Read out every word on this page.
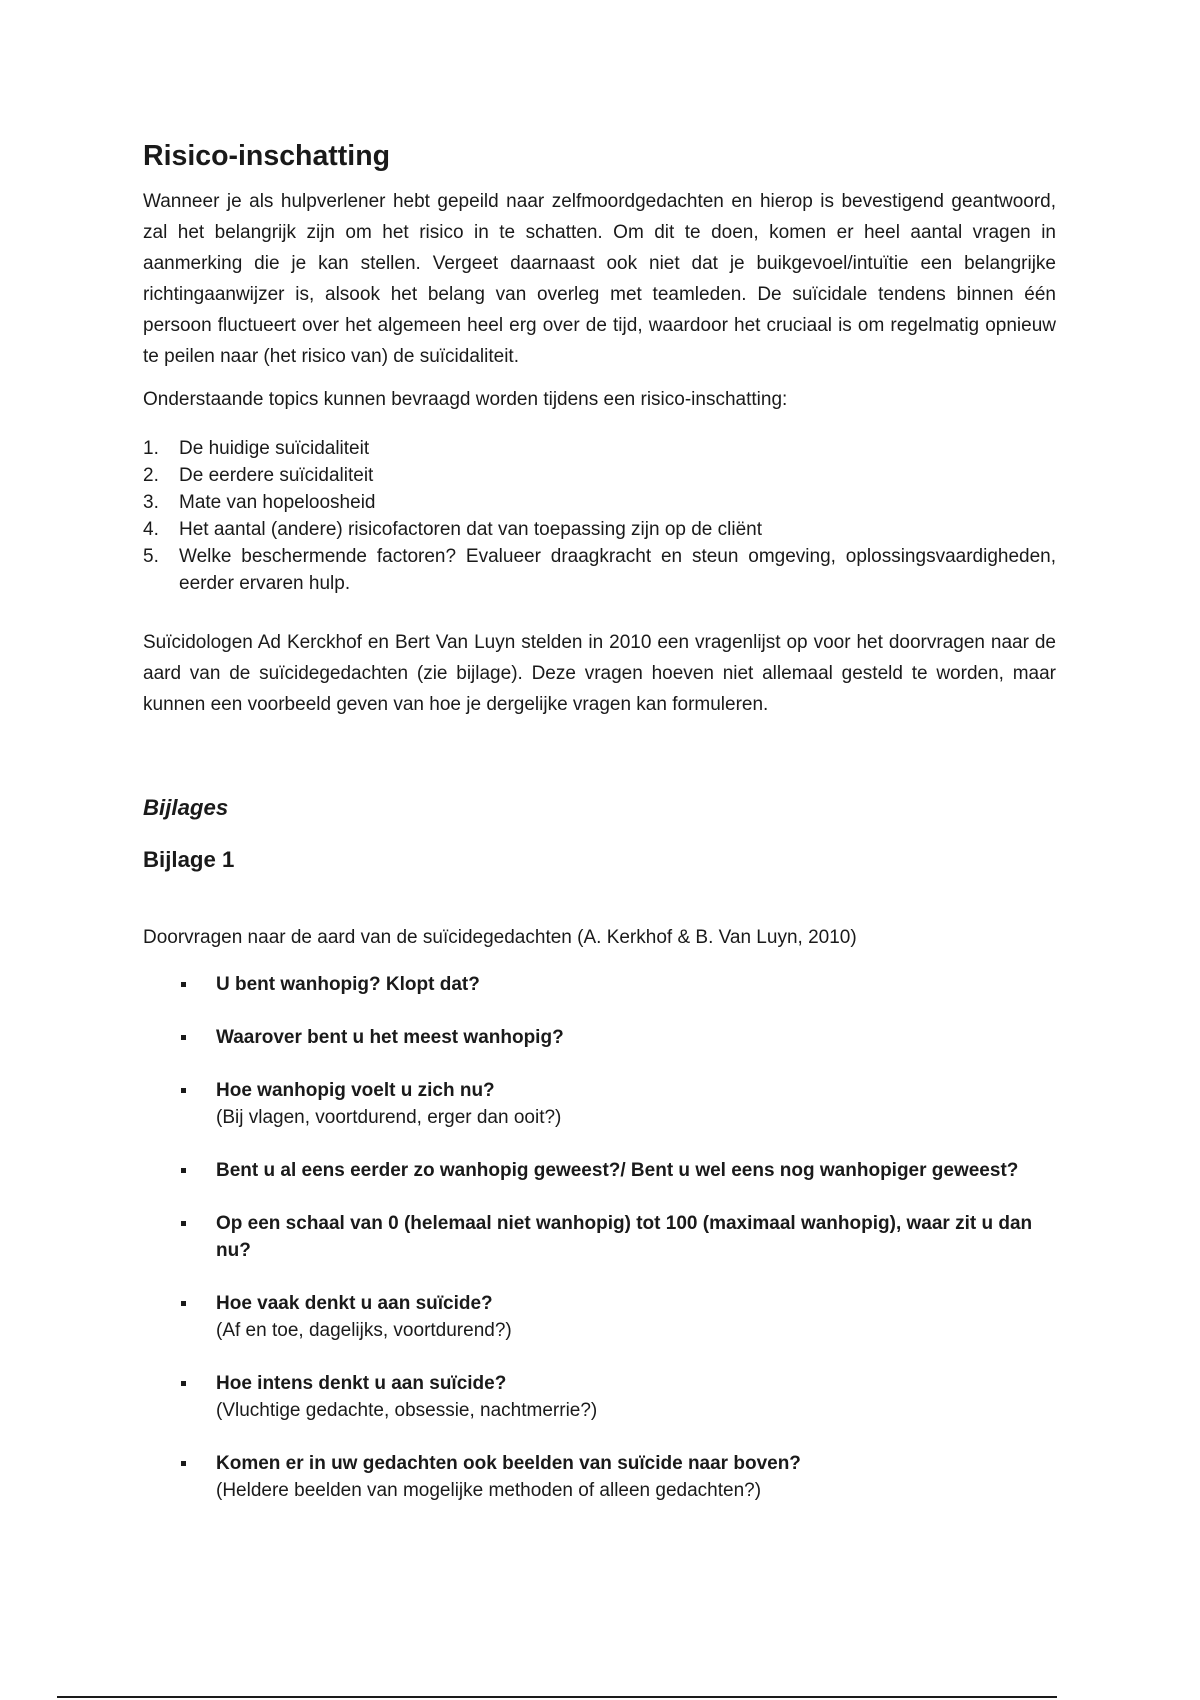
Risico-inschatting

Wanneer je als hulpverlener hebt gepeild naar zelfmoordgedachten en hierop is bevestigend geantwoord, zal het belangrijk zijn om het risico in te schatten. Om dit te doen, komen er heel aantal vragen in aanmerking die je kan stellen. Vergeet daarnaast ook niet dat je buikgevoel/intuïtie een belangrijke richtingaanwijzer is, alsook het belang van overleg met teamleden. De suïcidale tendens binnen één persoon fluctueert over het algemeen heel erg over de tijd, waardoor het cruciaal is om regelmatig opnieuw te peilen naar (het risico van) de suïcidaliteit.

Onderstaande topics kunnen bevraagd worden tijdens een risico-inschatting:

1. De huidige suïcidaliteit
2. De eerdere suïcidaliteit
3. Mate van hopeloosheid
4. Het aantal (andere) risicofactoren dat van toepassing zijn op de cliënt
5. Welke beschermende factoren? Evalueer draagkracht en steun omgeving, oplossingsvaardigheden, eerder ervaren hulp.

Suïcidologen Ad Kerckhof en Bert Van Luyn stelden in 2010 een vragenlijst op voor het doorvragen naar de aard van de suïcidegedachten (zie bijlage). Deze vragen hoeven niet allemaal gesteld te worden, maar kunnen een voorbeeld geven van hoe je dergelijke vragen kan formuleren.

Bijlages
Bijlage 1

Doorvragen naar de aard van de suïcidegedachten (A. Kerkhof & B. Van Luyn, 2010)

U bent wanhopig? Klopt dat?
Waarover bent u het meest wanhopig?
Hoe wanhopig voelt u zich nu?
(Bij vlagen, voortdurend, erger dan ooit?)
Bent u al eens eerder zo wanhopig geweest?/ Bent u wel eens nog wanhopiger geweest?
Op een schaal van 0 (helemaal niet wanhopig) tot 100 (maximaal wanhopig), waar zit u dan nu?
Hoe vaak denkt u aan suïcide?
(Af en toe, dagelijks, voortdurend?)
Hoe intens denkt u aan suïcide?
(Vluchtige gedachte, obsessie, nachtmerrie?)
Komen er in uw gedachten ook beelden van suïcide naar boven?
(Heldere beelden van mogelijke methoden of alleen gedachten?)
